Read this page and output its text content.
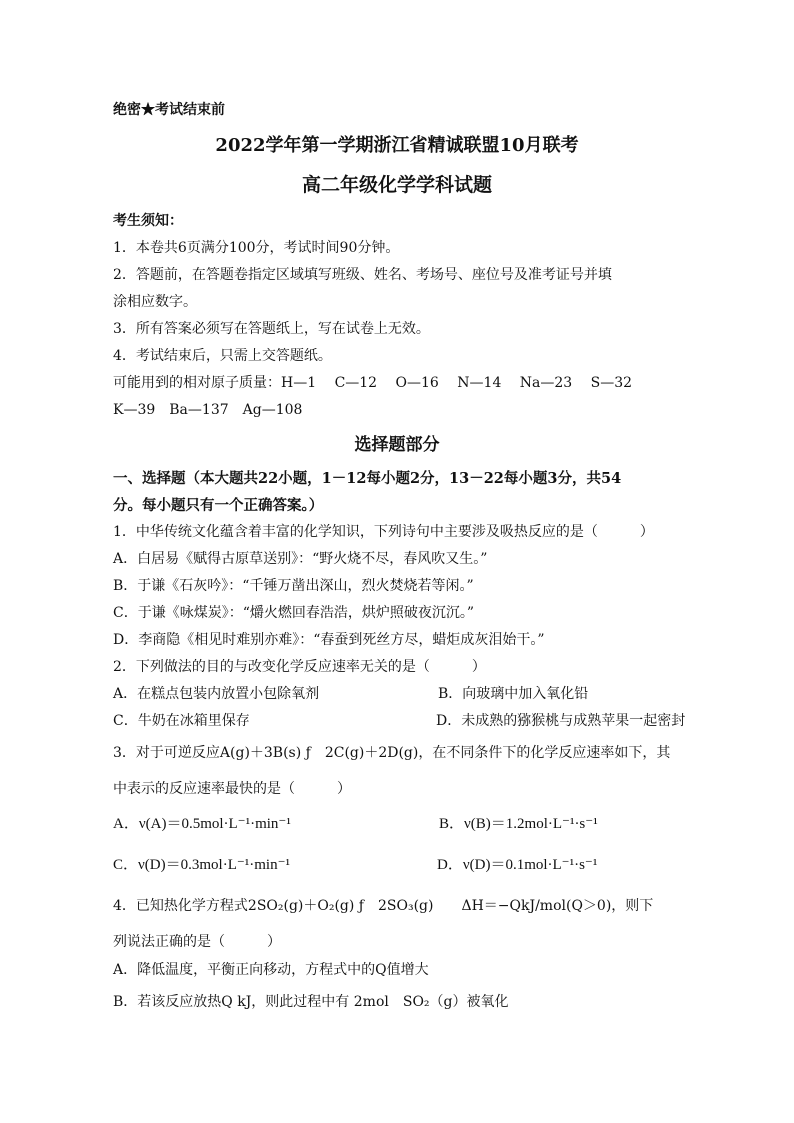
绝密★考试结束前
2022学年第一学期浙江省精诚联盟10月联考
高二年级化学学科试题
考生须知：
1．本卷共6页满分100分，考试时间90分钟。
2．答题前，在答题卷指定区域填写班级、姓名、考场号、座位号及准考证号并填
涂相应数字。
3．所有答案必须写在答题纸上，写在试卷上无效。
4．考试结束后，只需上交答题纸。
可能用到的相对原子质量：H—1　 C—12　 O—16　 N—14　 Na—23　 S—32
K—39　Ba—137　Ag—108
选择题部分
一、选择题（本大题共22小题，1－12每小题2分，13－22每小题3分，共54
分。每小题只有一个正确答案。）
1．中华传统文化蕴含着丰富的化学知识，下列诗句中主要涉及吸热反应的是（　　　）
A．白居易《赋得古原草送别》：“野火烧不尽，春风吹又生。”
B．于谦《石灰吟》：“千锤万凿出深山，烈火焚烧若等闲。”
C．于谦《咏煤炭》：“爝火燃回春浩浩，烘炉照破夜沉沉。”
D．李商隐《相见时难别亦难》：“春蚕到死丝方尽，蜡炬成灰泪始干。”
2．下列做法的目的与改变化学反应速率无关的是（　　　）
A．在糕点包装内放置小包除氧剂	B．向玻璃中加入氧化铅
C．牛奶在冰箱里保存	D．未成熟的猕猴桃与成熟苹果一起密封
3．对于可逆反应A(g)＋3B(s) ƒ　2C(g)＋2D(g)，在不同条件下的化学反应速率如下，其
中表示的反应速率最快的是（　　　）
A．ν(A)＝0.5mol·L⁻¹·min⁻¹	B．ν(B)＝1.2mol·L⁻¹·s⁻¹
C．ν(D)＝0.3mol·L⁻¹·min⁻¹	D．ν(D)＝0.1mol·L⁻¹·s⁻¹
4．已知热化学方程式2SO₂(g)＋O₂(g) ƒ　2SO₃(g)　　ΔH＝−QkJ/mol(Q＞0)，则下
列说法正确的是（　　　）
A．降低温度，平衡正向移动，方程式中的Q值增大
B．若该反应放热Q kJ，则此过程中有 2mol　SO₂（g）被氧化
